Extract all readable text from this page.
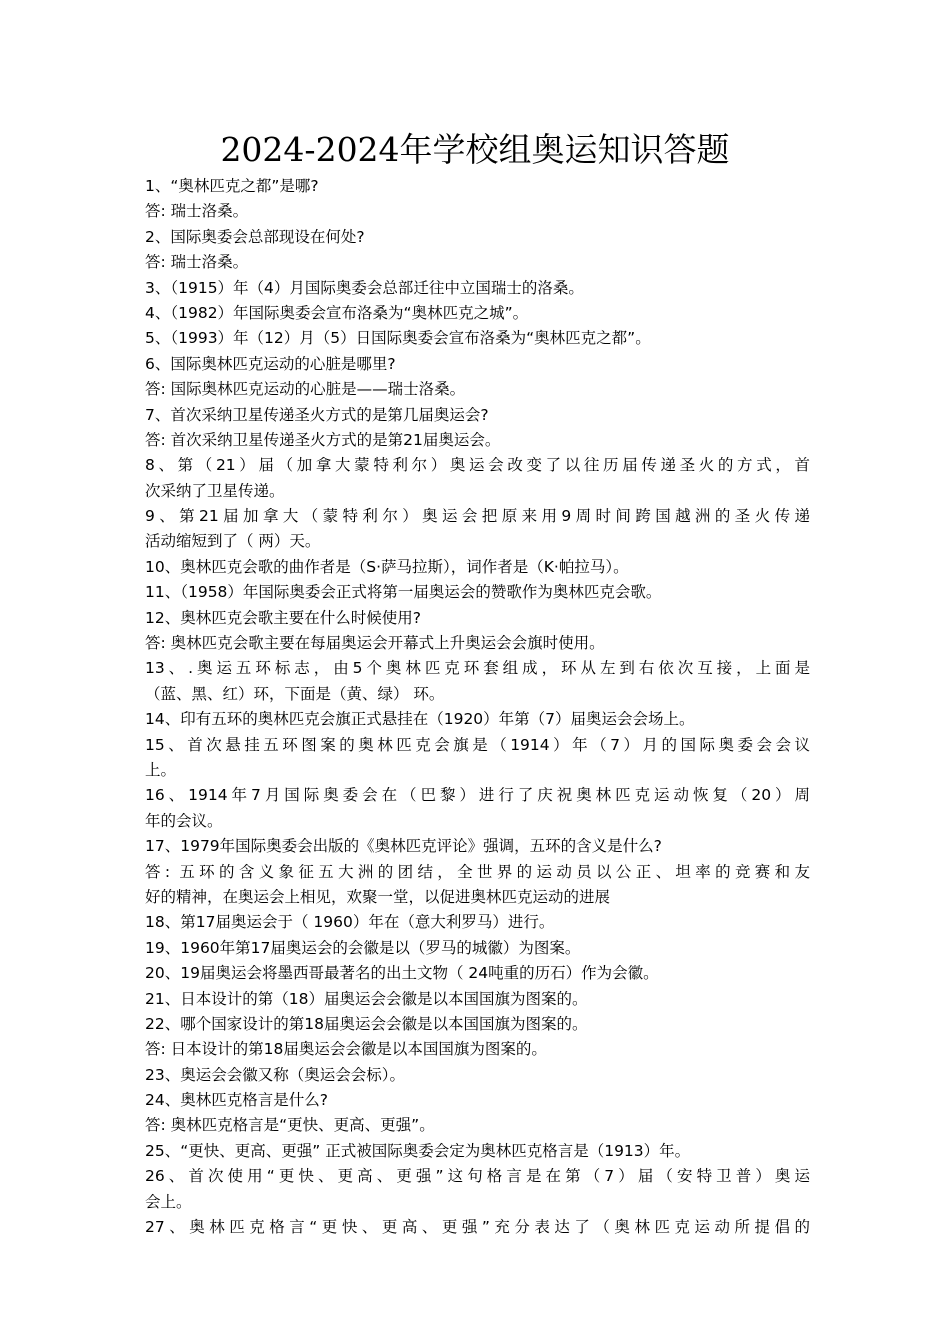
2024-2024年学校组奥运知识答题
1、“奥林匹克之都”是哪?
答: 瑞士洛桑。
2、国际奥委会总部现设在何处?
答: 瑞士洛桑。
3、（1915）年（4）月国际奥委会总部迁往中立国瑞士的洛桑。
4、（1982）年国际奥委会宣布洛桑为“奥林匹克之城”。
5、（1993）年（12）月（5）日国际奥委会宣布洛桑为“奥林匹克之都”。
6、国际奥林匹克运动的心脏是哪里?
答: 国际奥林匹克运动的心脏是——瑞士洛桑。
7、首次采纳卫星传递圣火方式的是第几届奥运会?
答: 首次采纳卫星传递圣火方式的是第21届奥运会。
8、第（21）届（加拿大蒙特利尔）奥运会改变了以往历届传递圣火的方式，首
次采纳了卫星传递。
9、第21届加拿大（蒙特利尔）奥运会把原来用9周时间跨国越洲的圣火传递
活动缩短到了（ 两）天。
10、奥林匹克会歌的曲作者是（S·萨马拉斯），词作者是（K·帕拉马）。
11、（1958）年国际奥委会正式将第一届奥运会的赞歌作为奥林匹克会歌。
12、奥林匹克会歌主要在什么时候使用?
答: 奥林匹克会歌主要在每届奥运会开幕式上升奥运会会旗时使用。
13、.奥运五环标志，由5个奥林匹克环套组成，环从左到右依次互接，上面是
（蓝、黑、红）环，下面是（黄、绿） 环。
14、印有五环的奥林匹克会旗正式悬挂在（1920）年第（7）届奥运会会场上。
15、首次悬挂五环图案的奥林匹克会旗是（1914）年（7）月的国际奥委会会议
上。
16、1914年7月国际奥委会在（巴黎）进行了庆祝奥林匹克运动恢复（20）周
年的会议。
17、1979年国际奥委会出版的《奥林匹克评论》强调，五环的含义是什么?
答: 五环的含义象征五大洲的团结，全世界的运动员以公正、坦率的竞赛和友
好的精神，在奥运会上相见，欢聚一堂，以促进奥林匹克运动的进展
18、第17届奥运会于（ 1960）年在（意大利罗马）进行。
19、1960年第17届奥运会的会徽是以（罗马的城徽）为图案。
20、19届奥运会将墨西哥最著名的出土文物（ 24吨重的历石）作为会徽。
21、日本设计的第（18）届奥运会会徽是以本国国旗为图案的。
22、哪个国家设计的第18届奥运会会徽是以本国国旗为图案的。
答: 日本设计的第18届奥运会会徽是以本国国旗为图案的。
23、奥运会会徽又称（奥运会会标）。
24、奥林匹克格言是什么?
答: 奥林匹克格言是“更快、更高、更强”。
25、“更快、更高、更强” 正式被国际奥委会定为奥林匹克格言是（1913）年。
26、首次使用“更快、更高、更强”这句格言是在第（7）届（安特卫普）奥运
会上。
27、奥林匹克格言“更快、更高、更强”充分表达了（奥林匹克运动所提倡的
